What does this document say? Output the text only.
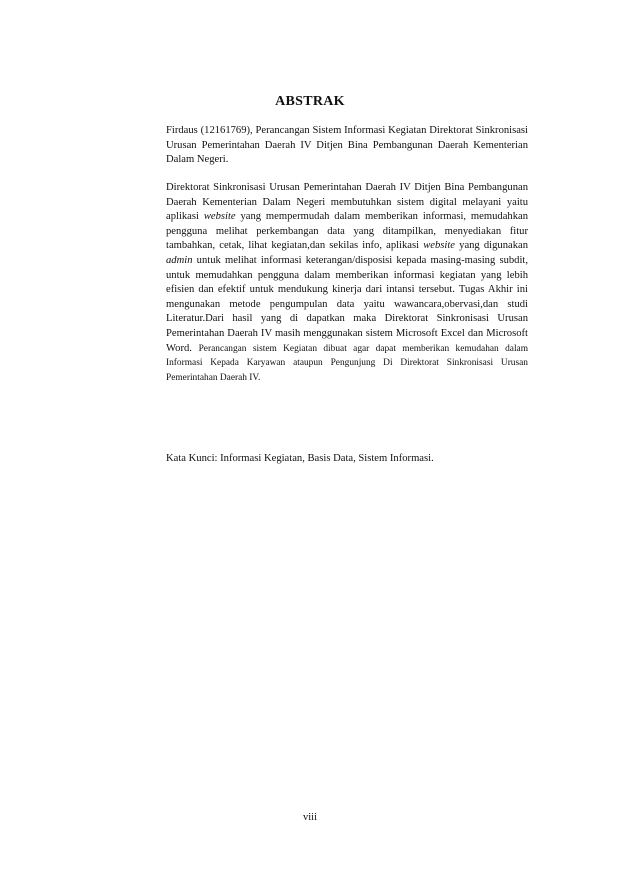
ABSTRAK
Firdaus (12161769), Perancangan Sistem Informasi Kegiatan Direktorat Sinkronisasi Urusan Pemerintahan Daerah IV Ditjen Bina Pembangunan Daerah Kementerian Dalam Negeri.
Direktorat Sinkronisasi Urusan Pemerintahan Daerah IV Ditjen Bina Pembangunan Daerah Kementerian Dalam Negeri membutuhkan sistem digital melayani yaitu aplikasi website yang mempermudah dalam memberikan informasi, memudahkan pengguna melihat perkembangan data yang ditampilkan, menyediakan fitur tambahkan, cetak, lihat kegiatan,dan sekilas info, aplikasi website yang digunakan admin untuk melihat informasi keterangan/disposisi kepada masing-masing subdit, untuk memudahkan pengguna dalam memberikan informasi kegiatan yang lebih efisien dan efektif untuk mendukung kinerja dari intansi tersebut. Tugas Akhir ini mengunakan metode pengumpulan data yaitu wawancara,obervasi,dan studi Literatur.Dari hasil yang di dapatkan maka Direktorat Sinkronisasi Urusan Pemerintahan Daerah IV masih menggunakan sistem Microsoft Excel dan Microsoft Word. Perancangan sistem Kegiatan dibuat agar dapat memberikan kemudahan dalam Informasi Kepada Karyawan ataupun Pengunjung Di Direktorat Sinkronisasi Urusan Pemerintahan Daerah IV.
Kata Kunci: Informasi Kegiatan, Basis Data, Sistem Informasi.
viii
